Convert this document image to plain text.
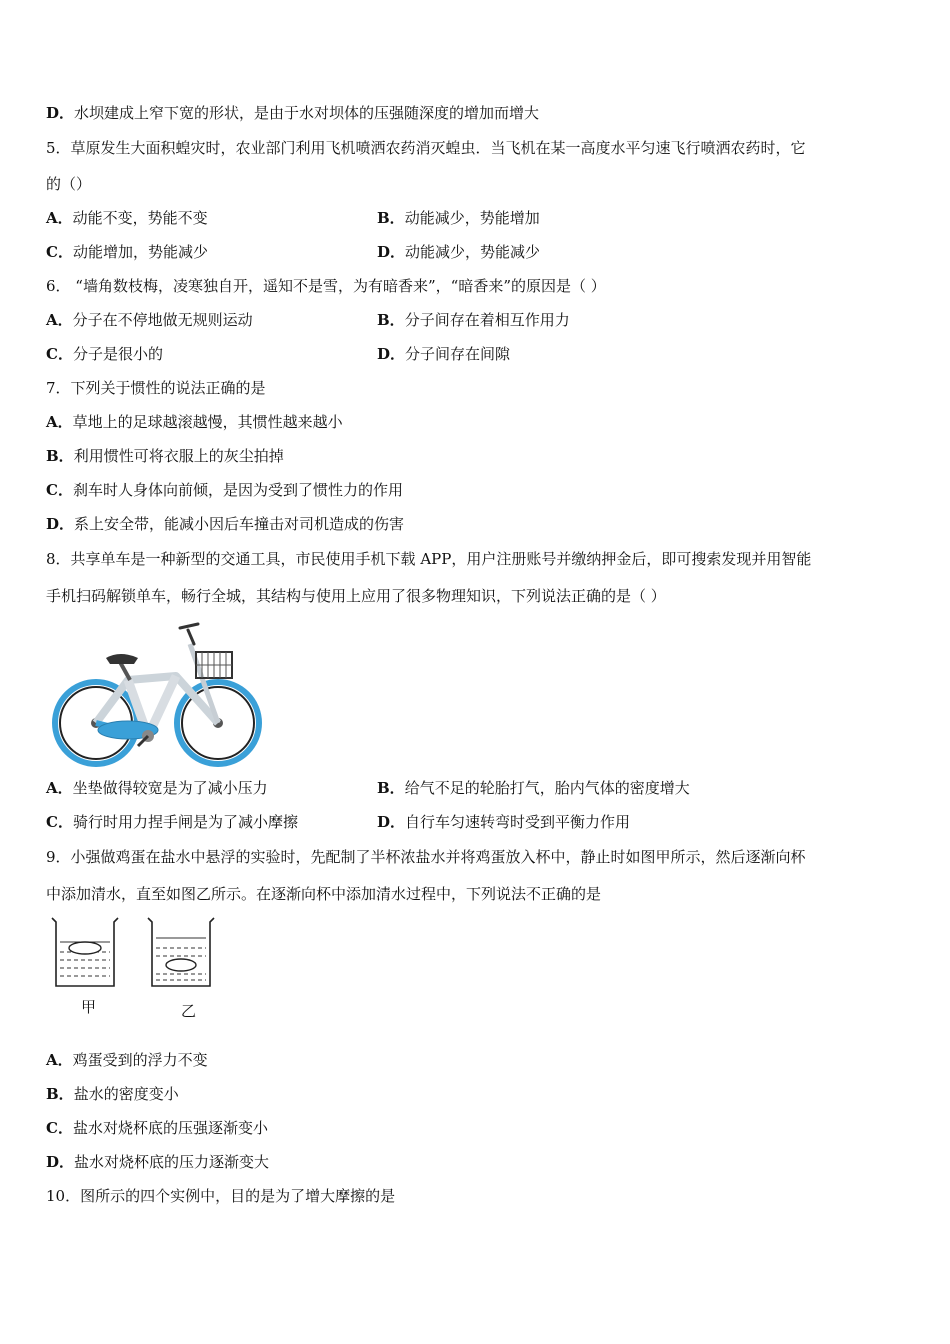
D．水坝建成上窄下宽的形状，是由于水对坝体的压强随深度的增加而增大
5．草原发生大面积蝗灾时，农业部门利用飞机喷洒农药消灭蝗虫．当飞机在某一高度水平匀速飞行喷洒农药时，它
的（）
A．动能不变，势能不变	B．动能减少，势能增加
C．动能增加，势能减少	D．动能减少，势能减少
6． “墙角数枝梅，凌寒独自开，遥知不是雪，为有暗香来”，“暗香来”的原因是（ ）
A．分子在不停地做无规则运动	B．分子间存在着相互作用力
C．分子是很小的	D．分子间存在间隙
7．下列关于惯性的说法正确的是
A．草地上的足球越滚越慢，其惯性越来越小
B．利用惯性可将衣服上的灰尘拍掉
C．刹车时人身体向前倾，是因为受到了惯性力的作用
D．系上安全带，能减小因后车撞击对司机造成的伤害
8．共享单车是一种新型的交通工具，市民使用手机下载 APP，用户注册账号并缴纳押金后，即可搜索发现并用智能
手机扫码解锁单车，畅行全城，其结构与使用上应用了很多物理知识，下列说法正确的是（ ）
A．坐垫做得较宽是为了减小压力	B．给气不足的轮胎打气，胎内气体的密度增大
C．骑行时用力捏手闸是为了减小摩擦	D．自行车匀速转弯时受到平衡力作用
9．小强做鸡蛋在盐水中悬浮的实验时，先配制了半杯浓盐水并将鸡蛋放入杯中，静止时如图甲所示，然后逐渐向杯
中添加清水，直至如图乙所示。在逐渐向杯中添加清水过程中，下列说法不正确的是
甲	乙
A．鸡蛋受到的浮力不变
B．盐水的密度变小
C．盐水对烧杯底的压强逐渐变小
D．盐水对烧杯底的压力逐渐变大
10．图所示的四个实例中，目的是为了增大摩擦的是
